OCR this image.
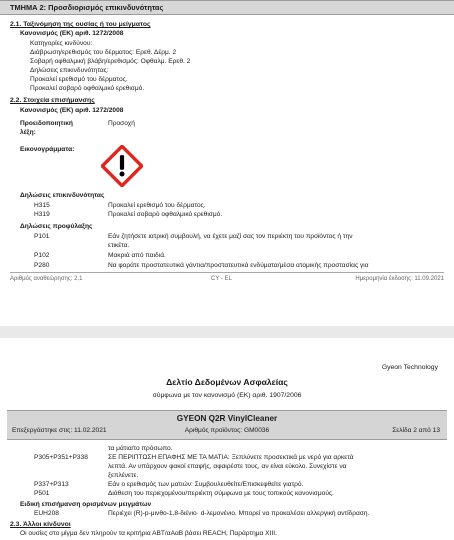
ΤΜΗΜΑ 2: Προσδιορισμός επικινδυνότητας
2.1. Ταξινόμηση της ουσίας ή του μείγματος
Κανονισμός (ΕΚ) αριθ. 1272/2008
Κατηγορίες κινδύνου:
Διάβρωση/ερεθισμός του δέρματος: Ερεθ. Δέρμ. 2
Σοβαρή οφθαλμική βλάβη/ερεθισμός: Οφθαλμ. Ερεθ. 2
Δηλώσεις επικινδυνότητας:
Προκαλεί ερεθισμό του δέρματος.
Προκαλεί σοβαρό οφθαλμικό ερεθισμό.
2.2. Στοιχεία επισήμανσης
Κανονισμός (ΕΚ) αριθ. 1272/2008
Προειδοποιητική
λέξη:
Προσοχή
Εικονογράμματα:
Δηλώσεις επικινδυνότητας
H315	Προκαλεί ερεθισμό του δέρματος.
H319	Προκαλεί σοβαρό οφθαλμικό ερεθισμό.
Δηλώσεις προφύλαξης
P101	Εάν ζητήσετε ιατρική συμβουλή, να έχετε μαζί σας τον περιέκτη του προϊόντος ή την
ετικέτα.
P102	Μακριά από παιδιά.
P280	Να φοράτε προστατευτικά γάντια/προστατευτικά ενδύματα/μέσα ατομικής προστασίας για
Αριθμός αναθεώρησης: 2,1	CY - EL	Ημερομηνία έκδοσης: 11.09.2021
Gyeon Technology
Δελτίο Δεδομένων Ασφαλείας
σύμφωνα με τον κανονισμό (ΕΚ) αριθ. 1907/2006
GYEON Q2R VinylCleaner
Επεξεργάστηκε στις: 11.02.2021	Αριθμός προϊόντος: GM0036	Σελίδα 2 από 13
τα μάτια/το πρόσωπο.
P305+P351+P338	ΣΕ ΠΕΡΙΠΤΩΣΗ ΕΠΑΦΗΣ ΜΕ ΤΑ ΜΑΤΙΑ: Ξεπλύνετε προσεκτικά με νερό για αρκετά
λεπτά. Αν υπάρχουν φακοί επαφής, αφαιρέστε τους, αν είναι εύκολο. Συνεχίστε να
ξεπλένετε.
P337+P313	Εάν ο ερεθισμός των ματιών: Συμβουλευθείτε/Επισκεφθείτε γιατρό.
P501	Διάθεση του περιεχομένου/περιέκτη σύμφωνα με τους τοπικούς κανονισμούς.
Ειδική επισήμανση ορισμένων μειγμάτων
EUH208	Περιέχει (R)-p-μινθο-1,8-διένιο· d-λεμονένιο. Μπορεί να προκαλέσει αλλεργική αντίδραση.
2.3. Άλλοι κίνδυνοι
Οι ουσίες στο μίγμα δεν πληρούν τα κριτήρια ΑΒΤ/αΑαΒ βάσει REACH, Παράρτημα XIII.
